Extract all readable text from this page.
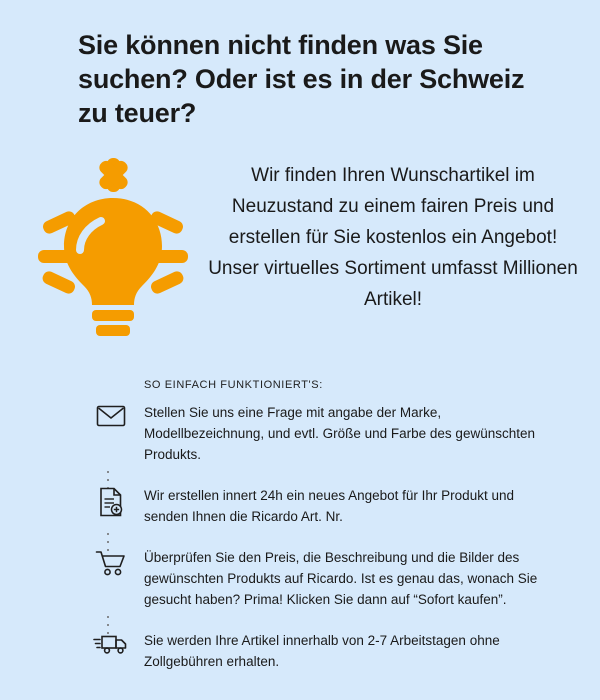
Sie können nicht finden was Sie suchen? Oder ist es in der Schweiz zu teuer?
Wir finden Ihren Wunschartikel im Neuzustand zu einem fairen Preis und erstellen für Sie kostenlos ein Angebot! Unser virtuelles Sortiment umfasst Millionen Artikel!
SO EINFACH FUNKTIONIERT'S:
Stellen Sie uns eine Frage mit angabe der Marke, Modellbezeichnung, und evtl. Größe und Farbe des gewünschten Produkts.
Wir erstellen innert 24h ein neues Angebot für Ihr Produkt und senden Ihnen die Ricardo Art. Nr.
Überprüfen Sie den Preis, die Beschreibung und die Bilder des gewünschten Produkts auf Ricardo. Ist es genau das, wonach Sie gesucht haben? Prima! Klicken Sie dann auf “Sofort kaufen”.
Sie werden Ihre Artikel innerhalb von 2-7 Arbeitstagen ohne Zollgebühren erhalten.
